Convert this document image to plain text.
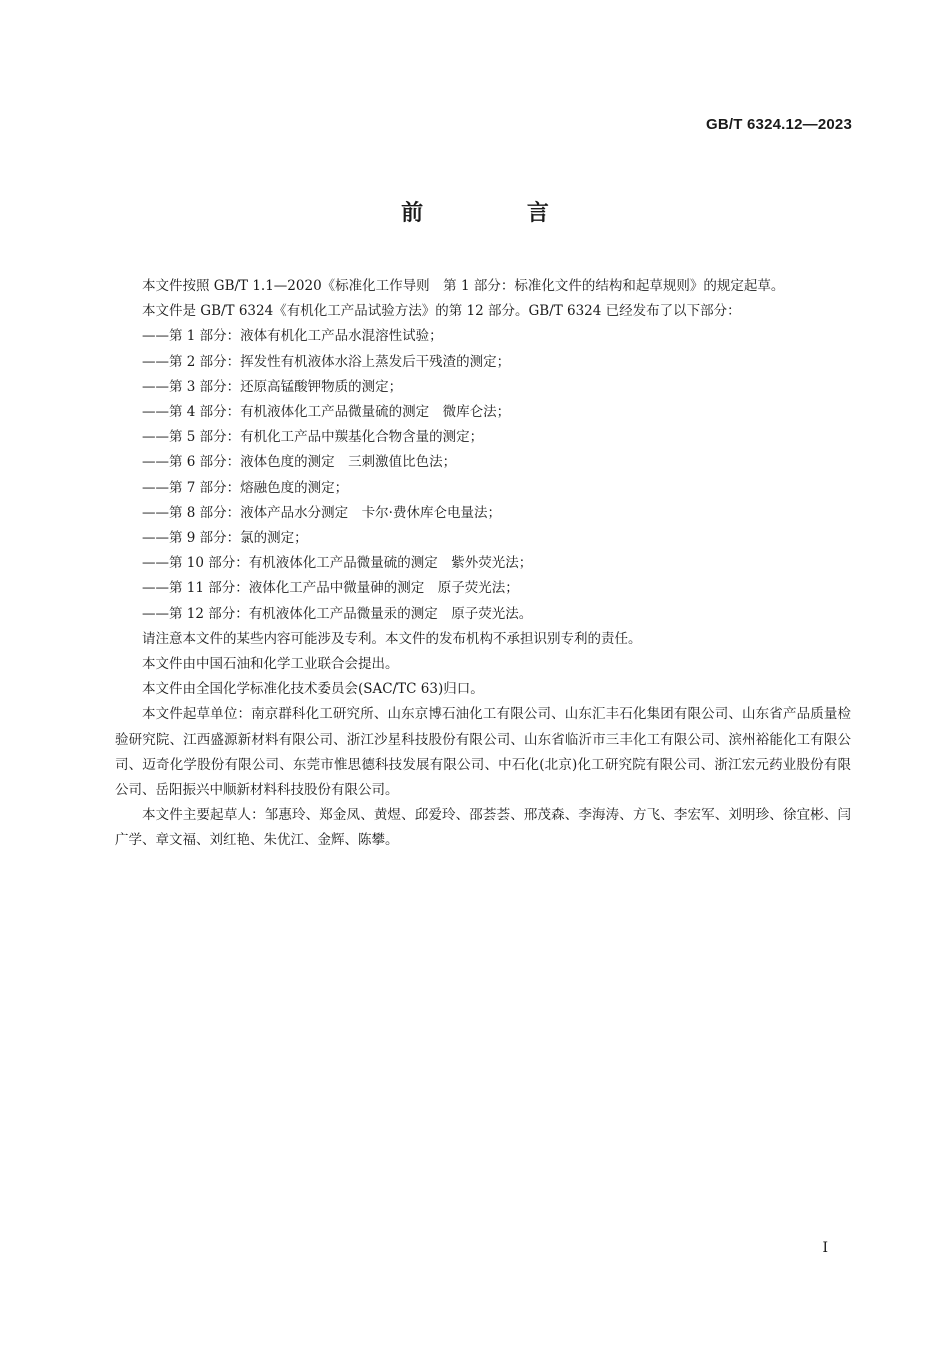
GB/T 6324.12—2023

前 言

本文件按照 GB/T 1.1—2020《标准化工作导则　第 1 部分：标准化文件的结构和起草规则》的规定起草。

本文件是 GB/T 6324《有机化工产品试验方法》的第 12 部分。GB/T 6324 已经发布了以下部分：

——第 1 部分：液体有机化工产品水混溶性试验；
——第 2 部分：挥发性有机液体水浴上蒸发后干残渣的测定；
——第 3 部分：还原高锰酸钾物质的测定；
——第 4 部分：有机液体化工产品微量硫的测定　微库仑法；
——第 5 部分：有机化工产品中羰基化合物含量的测定；
——第 6 部分：液体色度的测定　三刺激值比色法；
——第 7 部分：熔融色度的测定；
——第 8 部分：液体产品水分测定　卡尔·费休库仑电量法；
——第 9 部分：氯的测定；
——第 10 部分：有机液体化工产品微量硫的测定　紫外荧光法；
——第 11 部分：液体化工产品中微量砷的测定　原子荧光法；
——第 12 部分：有机液体化工产品微量汞的测定　原子荧光法。

请注意本文件的某些内容可能涉及专利。本文件的发布机构不承担识别专利的责任。

本文件由中国石油和化学工业联合会提出。

本文件由全国化学标准化技术委员会(SAC/TC 63)归口。

本文件起草单位：南京群科化工研究所、山东京博石油化工有限公司、山东汇丰石化集团有限公司、山东省产品质量检验研究院、江西盛源新材料有限公司、浙江沙星科技股份有限公司、山东省临沂市三丰化工有限公司、滨州裕能化工有限公司、迈奇化学股份有限公司、东莞市惟思德科技发展有限公司、中石化(北京)化工研究院有限公司、浙江宏元药业股份有限公司、岳阳振兴中顺新材料科技股份有限公司。

本文件主要起草人：邹惠玲、郑金凤、黄煜、邱爱玲、邵荟荟、邢茂森、李海涛、方飞、李宏军、刘明珍、徐宜彬、闫广学、章文福、刘红艳、朱优江、金辉、陈攀。

I
